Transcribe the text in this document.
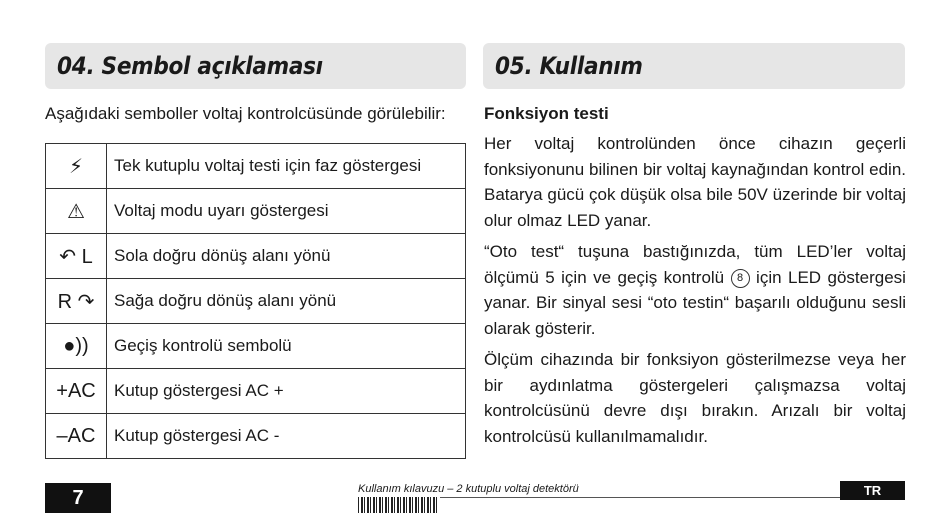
04. Sembol açıklaması	05. Kullanım
Aşağıdaki semboller voltaj kontrolcüsünde görülebilir:
⚡	Tek kutuplu voltaj testi için faz göstergesi
⚠	Voltaj modu uyarı göstergesi
↶ L	Sola doğru dönüş alanı yönü
R ↷	Sağa doğru dönüş alanı yönü
●))	Geçiş kontrolü sembolü
+AC	Kutup göstergesi AC +
–AC	Kutup göstergesi AC -
Fonksiyon testi

Her voltaj kontrolünden önce cihazın geçerli fonksiyonunu bilinen bir voltaj kaynağından kontrol edin. Batarya gücü çok düşük olsa bile 50V üzerinde bir voltaj olur olmaz LED yanar.

“Oto test“ tuşuna bastığınızda, tüm LED’ler voltaj ölçümü 5 için ve geçiş kontrolü 8 için LED göstergesi yanar. Bir sinyal sesi “oto testin“ başarılı olduğunu sesli olarak gösterir.

Ölçüm cihazında bir fonksiyon gösterilmezse veya her bir aydınlatma göstergeleri çalışmazsa voltaj kontrolcüsünü devre dışı bırakın. Arızalı bir voltaj kontrolcüsü kullanılmamalıdır.

7	Kullanım kılavuzu – 2 kutuplu voltaj detektörü	TR
